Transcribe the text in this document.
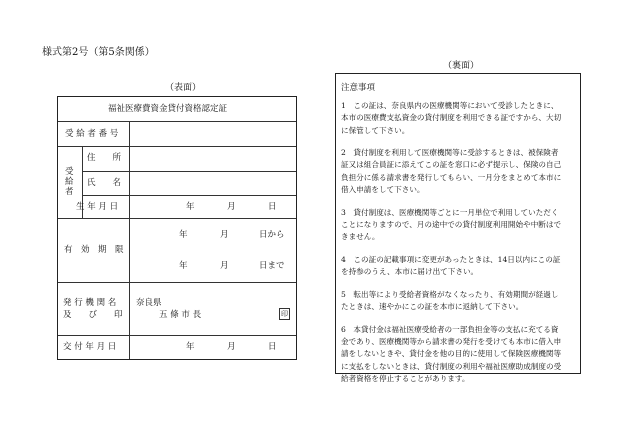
様式第2号（第5条関係）
（表面）
（裏面）
福祉医療費資金貸付資格認定証
受 給 者 番 号
受給者
住　　所
氏　　名
生 年 月 日	年	月	日
有　効　期　限
年	月	日から
年	月	日まで
発 行 機 関 名
及　　び　　印
奈良県
五 條 市 長	印
交 付 年 月 日	年	月	日
注意事項
1　この証は、奈良県内の医療機関等において受診したときに、
本市の医療費支払資金の貸付制度を利用できる証ですから、大切
に保管して下さい。
2　貸付制度を利用して医療機関等に受診するときは、被保険者
証又は組合員証に添えてこの証を窓口に必ず提示し、保険の自己
負担分に係る請求書を発行してもらい、一月分をまとめて本市に
借入申請をして下さい。
3　貸付制度は、医療機関等ごとに一月単位で利用していただく
ことになりますので、月の途中での貸付制度利用開始や中断はで
きません。
4　この証の記載事項に変更があったときは、14日以内にこの証
を持参のうえ、本市に届け出て下さい。
5　転出等により受給者資格がなくなったり、有効期間が経過し
たときは、速やかにこの証を本市に返納して下さい。
6　本貸付金は福祉医療受給者の一部負担金等の支払に充てる資
金であり、医療機関等から請求書の発行を受けても本市に借入申
請をしないときや、貸付金を他の目的に使用して保険医療機関等
に支払をしないときは、貸付制度の利用や福祉医療助成制度の受
給者資格を停止することがあります。
